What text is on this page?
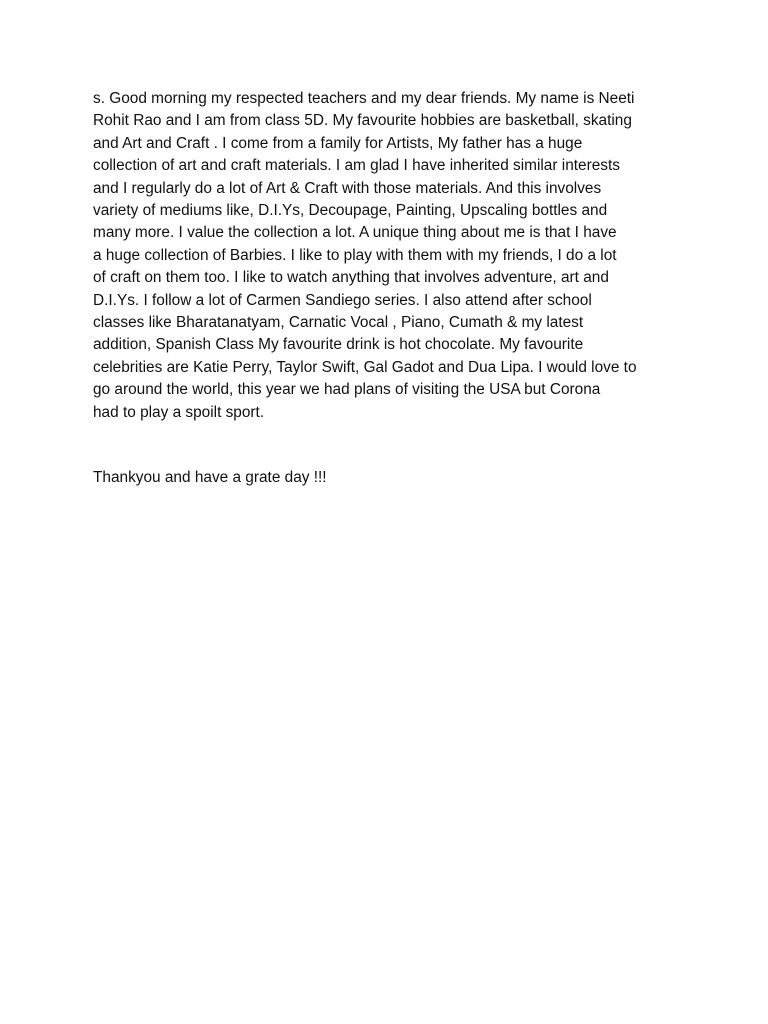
s. Good morning my respected teachers and my dear friends. My name is Neeti
Rohit Rao and I am from class 5D. My favourite hobbies are basketball, skating
and Art and Craft . I come from a family for Artists, My father has a huge
collection of art and craft materials. I am glad I have inherited similar interests
and I regularly do a lot of Art & Craft with those materials. And this involves
variety of mediums like, D.I.Ys, Decoupage, Painting, Upscaling bottles and
many more. I value the collection a lot. A unique thing about me is that I have
a huge collection of Barbies. I like to play with them with my friends, I do a lot
of craft on them too. I like to watch anything that involves adventure, art and
D.I.Ys. I follow a lot of Carmen Sandiego series. I also attend after school
classes like Bharatanatyam, Carnatic Vocal , Piano, Cumath & my latest
addition, Spanish Class My favourite drink is hot chocolate. My favourite
celebrities are Katie Perry, Taylor Swift, Gal Gadot and Dua Lipa. I would love to
go around the world, this year we had plans of visiting the USA but Corona
had to play a spoilt sport.

Thankyou and have a grate day !!!
